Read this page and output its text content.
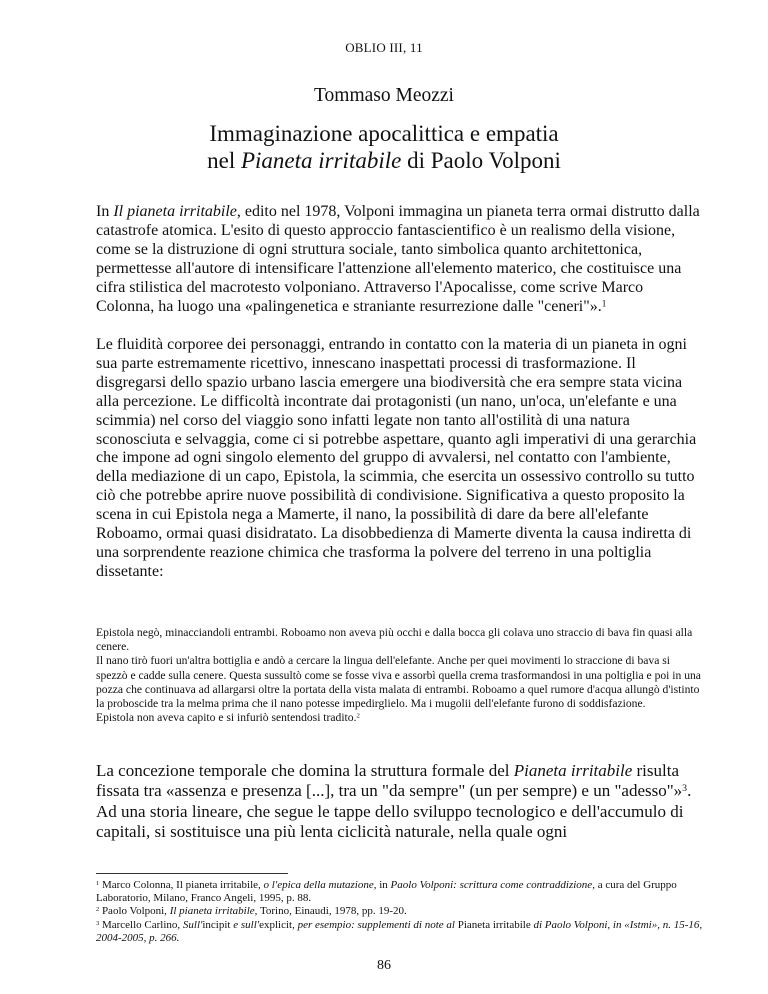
OBLIO III, 11
Tommaso Meozzi
Immaginazione apocalittica e empatia
nel Pianeta irritabile di Paolo Volponi

In Il pianeta irritabile, edito nel 1978, Volponi immagina un pianeta terra ormai distrutto dalla catastrofe atomica. L'esito di questo approccio fantascientifico è un realismo della visione, come se la distruzione di ogni struttura sociale, tanto simbolica quanto architettonica, permettesse all'autore di intensificare l'attenzione all'elemento materico, che costituisce una cifra stilistica del macrotesto volponiano. Attraverso l'Apocalisse, come scrive Marco Colonna, ha luogo una «palingenetica e straniante resurrezione dalle "ceneri"».$^1$

Le fluidità corporee dei personaggi, entrando in contatto con la materia di un pianeta in ogni sua parte estremamente ricettivo, innescano inaspettati processi di trasformazione. Il disgregarsi dello spazio urbano lascia emergere una biodiversità che era sempre stata vicina alla percezione. Le difficoltà incontrate dai protagonisti (un nano, un'oca, un'elefante e una scimmia) nel corso del viaggio sono infatti legate non tanto all'ostilità di una natura sconosciuta e selvaggia, come ci si potrebbe aspettare, quanto agli imperativi di una gerarchia che impone ad ogni singolo elemento del gruppo di avvalersi, nel contatto con l'ambiente, della mediazione di un capo, Epistola, la scimmia, che esercita un ossessivo controllo su tutto ciò che potrebbe aprire nuove possibilità di condivisione. Significativa a questo proposito la scena in cui Epistola nega a Mamerte, il nano, la possibilità di dare da bere all'elefante Roboamo, ormai quasi disidratato. La disobbedienza di Mamerte diventa la causa indiretta di una sorprendente reazione chimica che trasforma la polvere del terreno in una poltiglia dissetante:

Epistola negò, minacciandoli entrambi. Roboamo non aveva più occhi e dalla bocca gli colava uno straccio di bava fin quasi alla cenere.

Il nano tirò fuori un'altra bottiglia e andò a cercare la lingua dell'elefante. Anche per quei movimenti lo straccione di bava si spezzò e cadde sulla cenere. Questa sussultò come se fosse viva e assorbì quella crema trasformandosi in una poltiglia e poi in una pozza che continuava ad allargarsi oltre la portata della vista malata di entrambi. Roboamo a quel rumore d'acqua allungò d'istinto la proboscide tra la melma prima che il nano potesse impedirglielo. Ma i mugolii dell'elefante furono di soddisfazione.

Epistola non aveva capito e si infuriò sentendosi tradito.$^2$

La concezione temporale che domina la struttura formale del Pianeta irritabile risulta fissata tra «assenza e presenza [...], tra un "da sempre" (un per sempre) e un "adesso"»$^3$. Ad una storia lineare, che segue le tappe dello sviluppo tecnologico e dell'accumulo di capitali, si sostituisce una più lenta ciclicità naturale, nella quale ogni

$^1$ Marco Colonna, Il pianeta irritabile, o l'epica della mutazione, in Paolo Volponi: scrittura come contraddizione, a cura del Gruppo Laboratorio, Milano, Franco Angeli, 1995, p. 88.

$^2$ Paolo Volponi, Il pianeta irritabile, Torino, Einaudi, 1978, pp. 19-20.

$^3$ Marcello Carlino, Sull'incipit e sull'explicit, per esempio: supplementi di note al Pianeta irritabile di Paolo Volponi, in «Istmi», n. 15-16, 2004-2005, p. 266.

86
